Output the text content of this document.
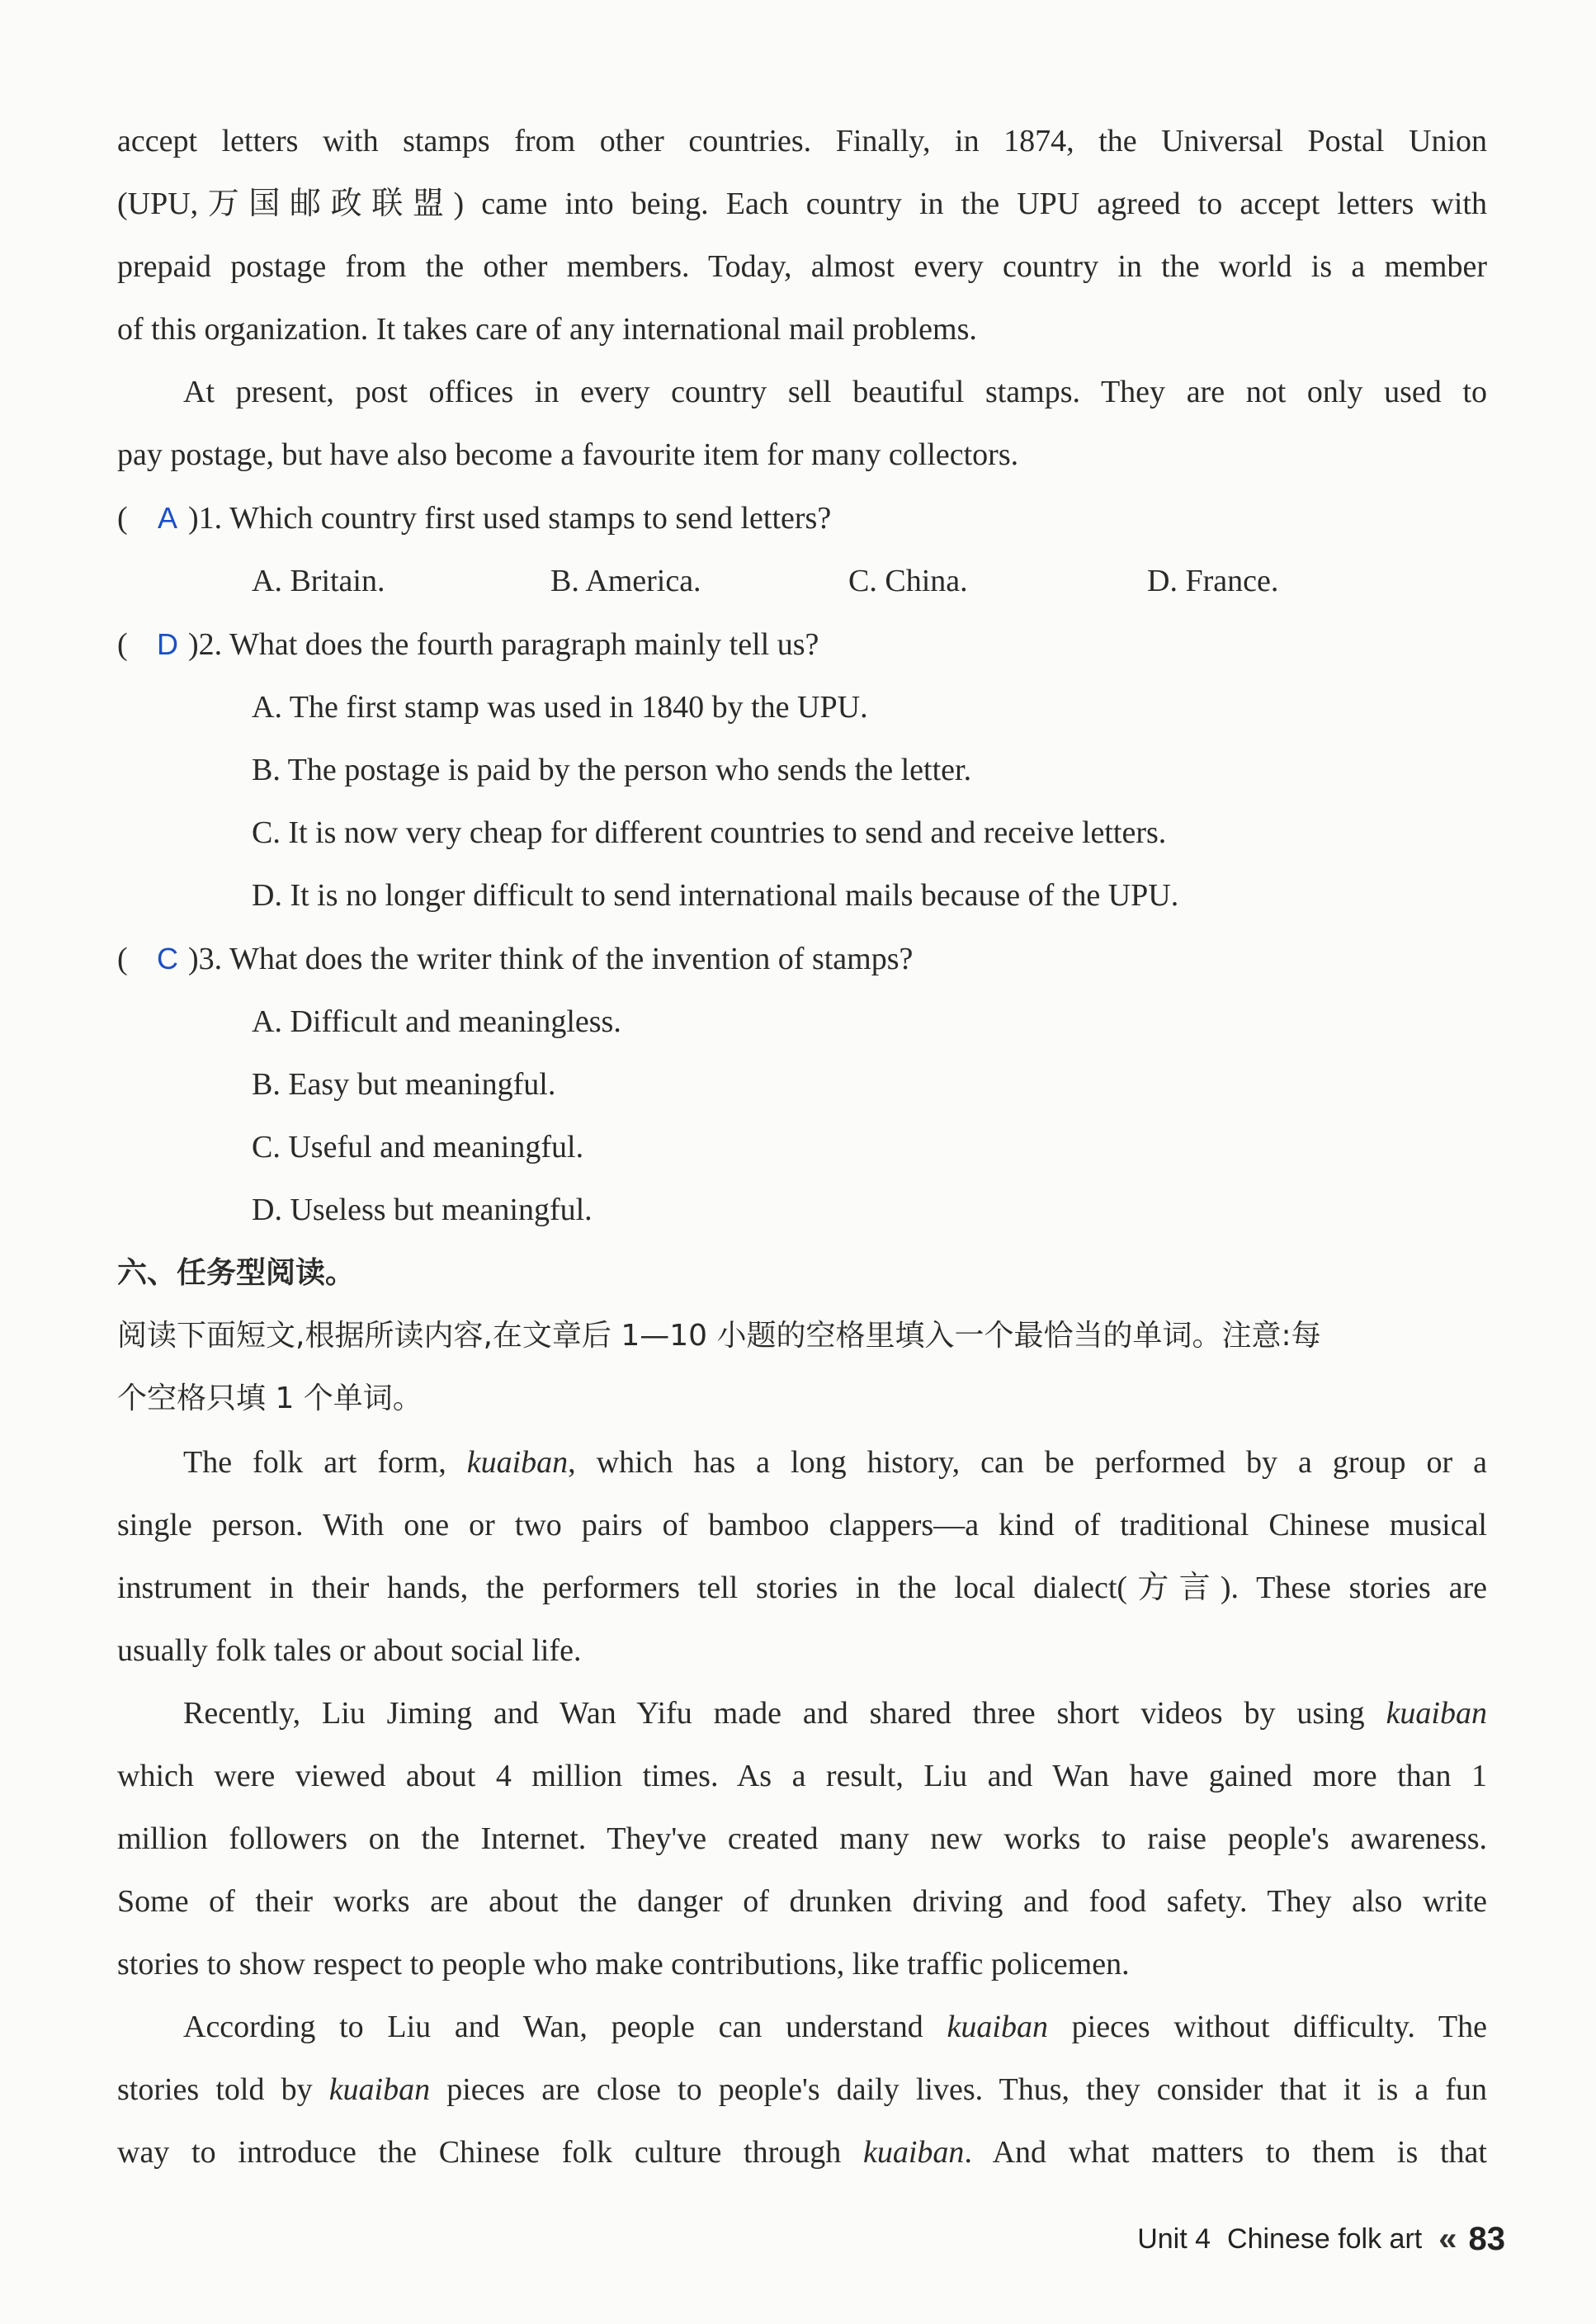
accept letters with stamps from other countries. Finally, in 1874, the Universal Postal Union
(UPU,万国邮政联盟) came into being. Each country in the UPU agreed to accept letters with
prepaid postage from the other members. Today, almost every country in the world is a member
of this organization. It takes care of any international mail problems.
At present, post offices in every country sell beautiful stamps. They are not only used to
pay postage, but have also become a favourite item for many collectors.
( A )1. Which country first used stamps to send letters?
A. Britain.	B. America.	C. China.	D. France.
( D )2. What does the fourth paragraph mainly tell us?
A. The first stamp was used in 1840 by the UPU.
B. The postage is paid by the person who sends the letter.
C. It is now very cheap for different countries to send and receive letters.
D. It is no longer difficult to send international mails because of the UPU.
( C )3. What does the writer think of the invention of stamps?
A. Difficult and meaningless.
B. Easy but meaningful.
C. Useful and meaningful.
D. Useless but meaningful.
六、任务型阅读。
阅读下面短文,根据所读内容,在文章后 1—10 小题的空格里填入一个最恰当的单词。注意:每
个空格只填 1 个单词。
The folk art form, kuaiban, which has a long history, can be performed by a group or a
single person. With one or two pairs of bamboo clappers—a kind of traditional Chinese musical
instrument in their hands, the performers tell stories in the local dialect(方言). These stories are
usually folk tales or about social life.
Recently, Liu Jiming and Wan Yifu made and shared three short videos by using kuaiban
which were viewed about 4 million times. As a result, Liu and Wan have gained more than 1
million followers on the Internet. They've created many new works to raise people's awareness.
Some of their works are about the danger of drunken driving and food safety. They also write
stories to show respect to people who make contributions, like traffic policemen.
According to Liu and Wan, people can understand kuaiban pieces without difficulty. The
stories told by kuaiban pieces are close to people's daily lives. Thus, they consider that it is a fun
way to introduce the Chinese folk culture through kuaiban. And what matters to them is that
Unit 4 Chinese folk art « 83
